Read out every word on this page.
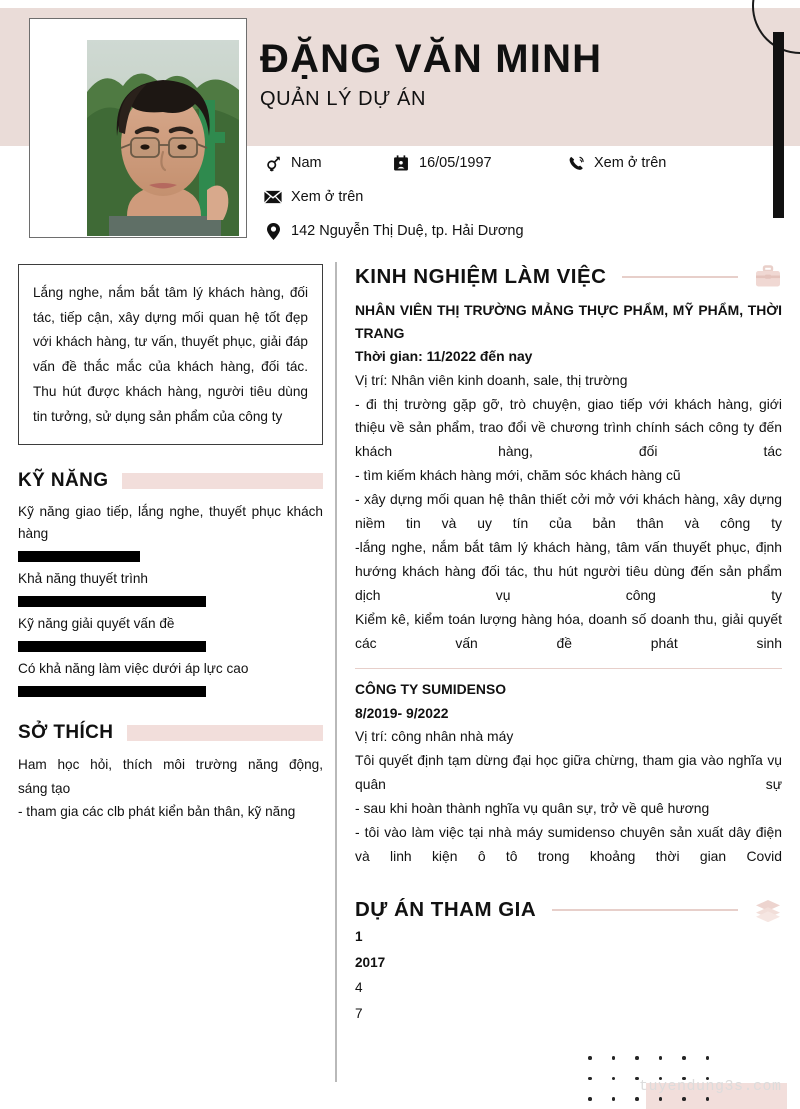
ĐẶNG VĂN MINH
QUẢN LÝ DỰ ÁN
Nam	16/05/1997	Xem ở trên
Xem ở trên
142 Nguyễn Thị Duệ, tp. Hải Dương
Lắng nghe, nắm bắt tâm lý khách hàng, đối tác, tiếp cận, xây dựng mối quan hệ tốt đẹp với khách hàng, tư vấn, thuyết phục, giải đáp vấn đề thắc mắc của khách hàng, đối tác. Thu hút được khách hàng, người tiêu dùng tin tưởng, sử dụng sản phẩm của công ty
KỸ NĂNG
Kỹ năng giao tiếp, lắng nghe, thuyết phục khách hàng
Khả năng thuyết trình
Kỹ năng giải quyết vấn đề
Có khả năng làm việc dưới áp lực cao
SỞ THÍCH
Ham học hỏi, thích môi trường năng động,
sáng tạo
- tham gia các clb phát kiển bản thân, kỹ năng
KINH NGHIỆM LÀM VIỆC
NHÂN VIÊN THỊ TRƯỜNG MẢNG THỰC PHẨM, MỸ PHẨM, THỜI TRANG
Thời gian: 11/2022 đến nay
Vị trí: Nhân viên kinh doanh, sale, thị trường
- đi thị trường gặp gỡ, trò chuyện, giao tiếp với khách hàng, giới thiệu về sản phẩm, trao đổi về chương trình chính sách công ty đến khách hàng, đối tác
- tìm kiếm khách hàng mới, chăm sóc khách hàng cũ
- xây dựng mối quan hệ thân thiết cởi mở với khách hàng, xây dựng niềm tin và uy tín của bản thân và công ty
-lắng nghe, nắm bắt tâm lý khách hàng, tâm vấn thuyết phục, định hướng khách hàng đối tác, thu hút người tiêu dùng đến sản phẩm dịch vụ công ty
Kiểm kê, kiểm toán lượng hàng hóa, doanh số doanh thu, giải quyết các vấn đề phát sinh
CÔNG TY SUMIDENSO
8/2019- 9/2022
Vị trí: công nhân nhà máy
Tôi quyết định tạm dừng đại học giữa chừng, tham gia vào nghĩa vụ quân sự
- sau khi hoàn thành nghĩa vụ quân sự, trở về quê hương
- tôi vào làm việc tại nhà máy sumidenso chuyên sản xuất dây điện và linh kiện ô tô trong khoảng thời gian Covid
DỰ ÁN THAM GIA
1
2017
4
7
tuyendung3s.com
